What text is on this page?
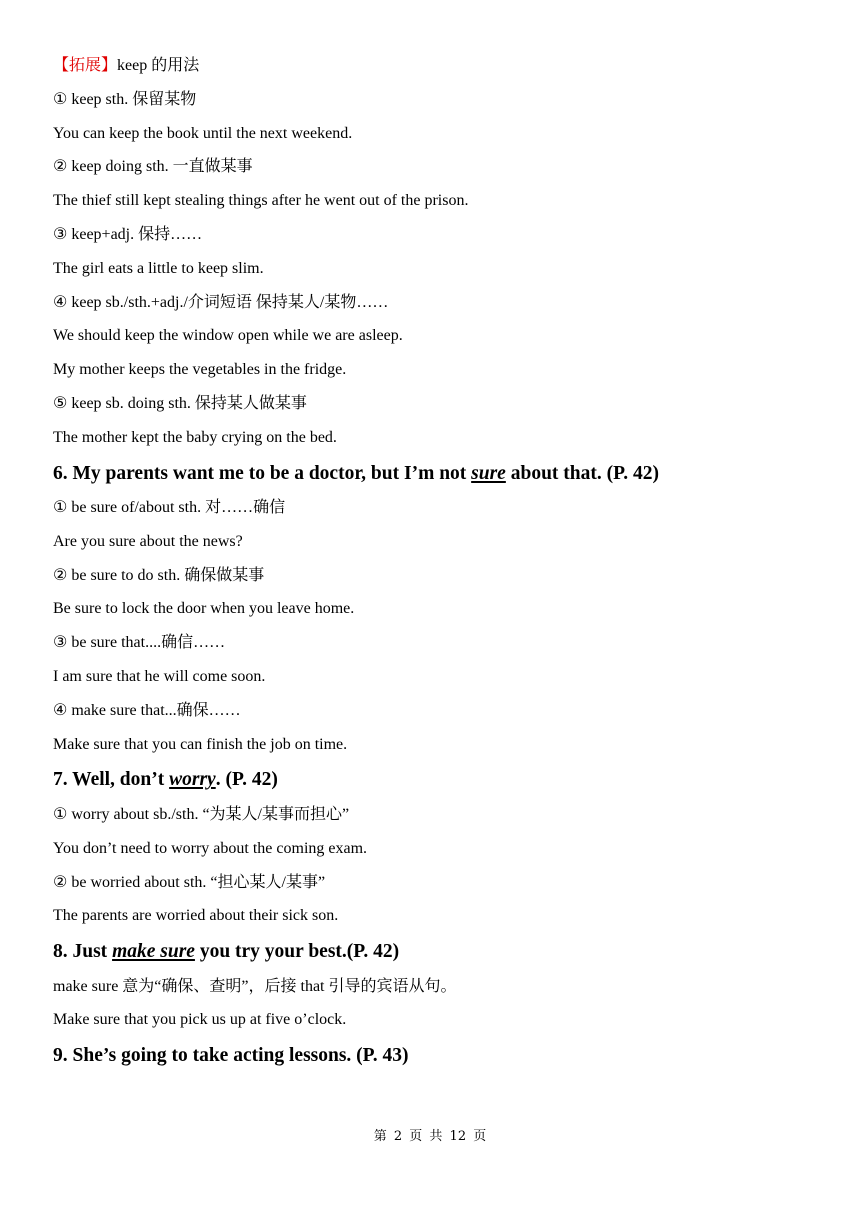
【拓展】keep 的用法
① keep sth. 保留某物
You can keep the book until the next weekend.
② keep doing sth. 一直做某事
The thief still kept stealing things after he went out of the prison.
③ keep+adj. 保持……
The girl eats a little to keep slim.
④ keep sb./sth.+adj./介词短语 保持某人/某物……
We should keep the window open while we are asleep.
My mother keeps the vegetables in the fridge.
⑤ keep sb. doing sth. 保持某人做某事
The mother kept the baby crying on the bed.
6. My parents want me to be a doctor, but I’m not sure about that. (P. 42)
① be sure of/about sth. 对……确信
Are you sure about the news?
② be sure to do sth. 确保做某事
Be sure to lock the door when you leave home.
③ be sure that....确信……
I am sure that he will come soon.
④ make sure that...确保……
Make sure that you can finish the job on time.
7. Well, don’t worry. (P. 42)
① worry about sb./sth. “为某人/某事而担心”
You don’t need to worry about the coming exam.
② be worried about sth. “担心某人/某事”
The parents are worried about their sick son.
8. Just make sure you try your best.(P. 42)
make sure 意为“确保、查明”，后接 that 引导的宾语从句。
Make sure that you pick us up at five o’clock.
9. She’s going to take acting lessons. (P. 43)
第 2 页 共 12 页
